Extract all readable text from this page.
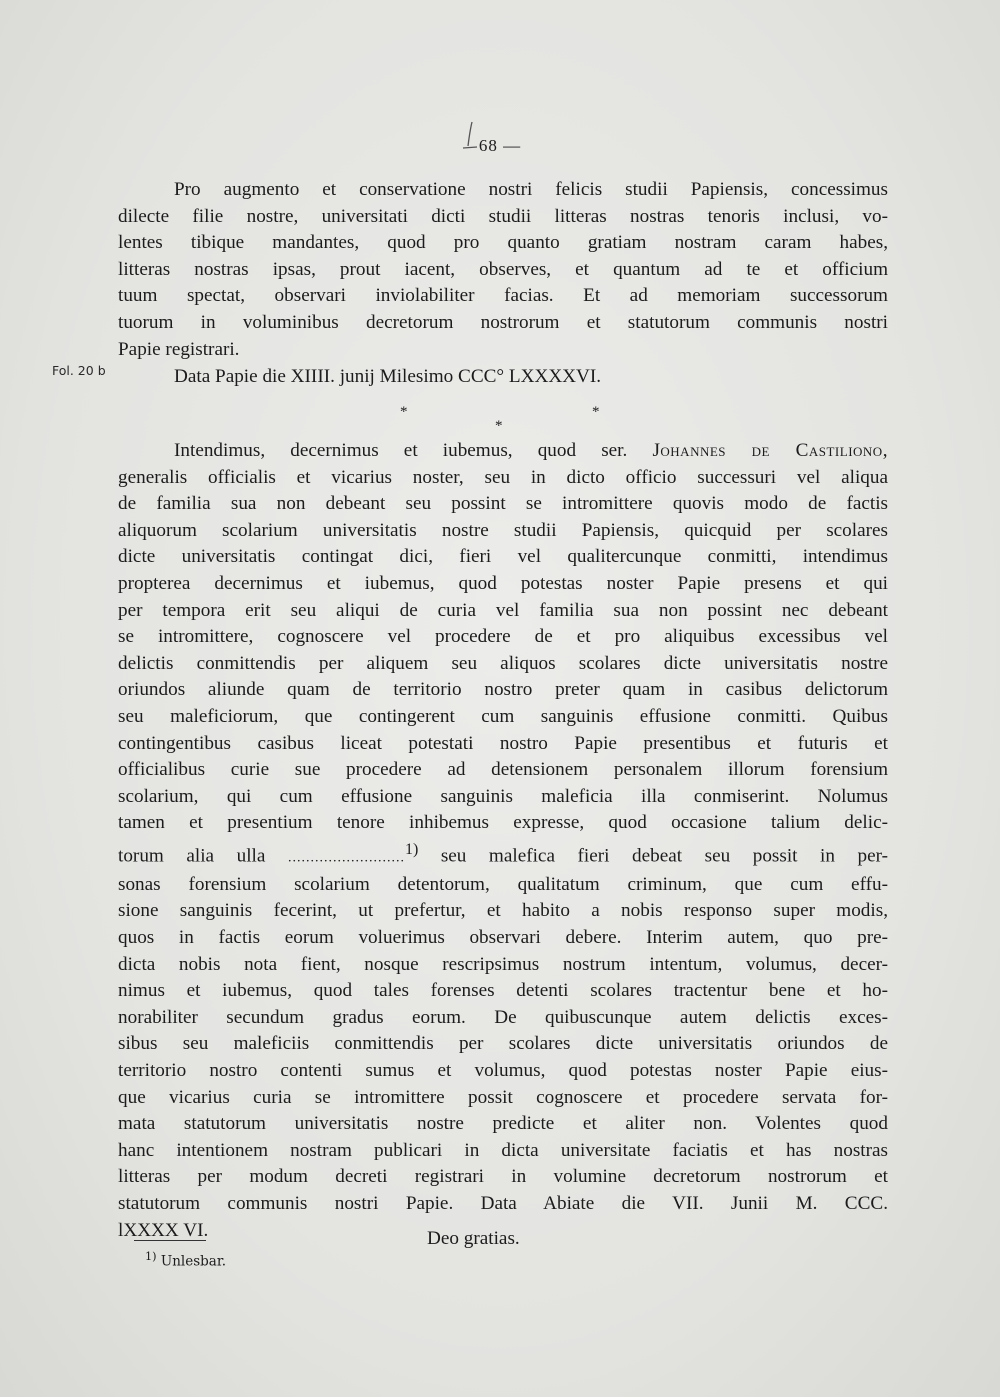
68 —
Pro augmento et conservatione nostri felicis studii Papiensis, concessimus
dilecte filie nostre, universitati dicti studii litteras nostras tenoris inclusi, vo-
lentes tibique mandantes, quod pro quanto gratiam nostram caram habes,
litteras nostras ipsas, prout iacent, observes, et quantum ad te et officium
tuum spectat, observari inviolabiliter facias. Et ad memoriam successorum
tuorum in voluminibus decretorum nostrorum et statutorum communis nostri
Papie registrari.
Fol. 20 b	Data Papie die XIIII. junij Milesimo CCC° LXXXXVI.
*	*
*
Intendimus, decernimus et iubemus, quod ser. Johannes de Castiliono,
generalis officialis et vicarius noster, seu in dicto officio successuri vel aliqua
de familia sua non debeant seu possint se intromittere quovis modo de factis
aliquorum scolarium universitatis nostre studii Papiensis, quicquid per scolares
dicte universitatis contingat dici, fieri vel qualitercunque conmitti, intendimus
propterea decernimus et iubemus, quod potestas noster Papie presens et qui
per tempora erit seu aliqui de curia vel familia sua non possint nec debeant
se intromittere, cognoscere vel procedere de et pro aliquibus excessibus vel
delictis conmittendis per aliquem seu aliquos scolares dicte universitatis nostre
oriundos aliunde quam de territorio nostro preter quam in casibus delictorum
seu maleficiorum, que contingerent cum sanguinis effusione conmitti. Quibus
contingentibus casibus liceat potestati nostro Papie presentibus et futuris et
officialibus curie sue procedere ad detensionem personalem illorum forensium
scolarium, qui cum effusione sanguinis maleficia illa conmiserint. Nolumus
tamen et presentium tenore inhibemus expresse, quod occasione talium delic-
torum alia ulla ..........................$^{1)}$ seu malefica fieri debeat seu possit in per-
sonas forensium scolarium detentorum, qualitatum criminum, que cum effu-
sione sanguinis fecerint, ut prefertur, et habito a nobis responso super modis,
quos in factis eorum voluerimus observari debere. Interim autem, quo pre-
dicta nobis nota fient, nosque rescripsimus nostrum intentum, volumus, decer-
nimus et iubemus, quod tales forenses detenti scolares tractentur bene et ho-
norabiliter secundum gradus eorum. De quibuscunque autem delictis exces-
sibus seu maleficiis conmittendis per scolares dicte universitatis oriundos de
territorio nostro contenti sumus et volumus, quod potestas noster Papie eius-
que vicarius curia se intromittere possit cognoscere et procedere servata for-
mata statutorum universitatis nostre predicte et aliter non. Volentes quod
hanc intentionem nostram publicari in dicta universitate faciatis et has nostras
litteras per modum decreti registrari in volumine decretorum nostrorum et
statutorum communis nostri Papie. Data Abiate die VII. Junii M. CCC.
lXXXX VI.	Deo gratias.
$^{1)}$ Unlesbar.
